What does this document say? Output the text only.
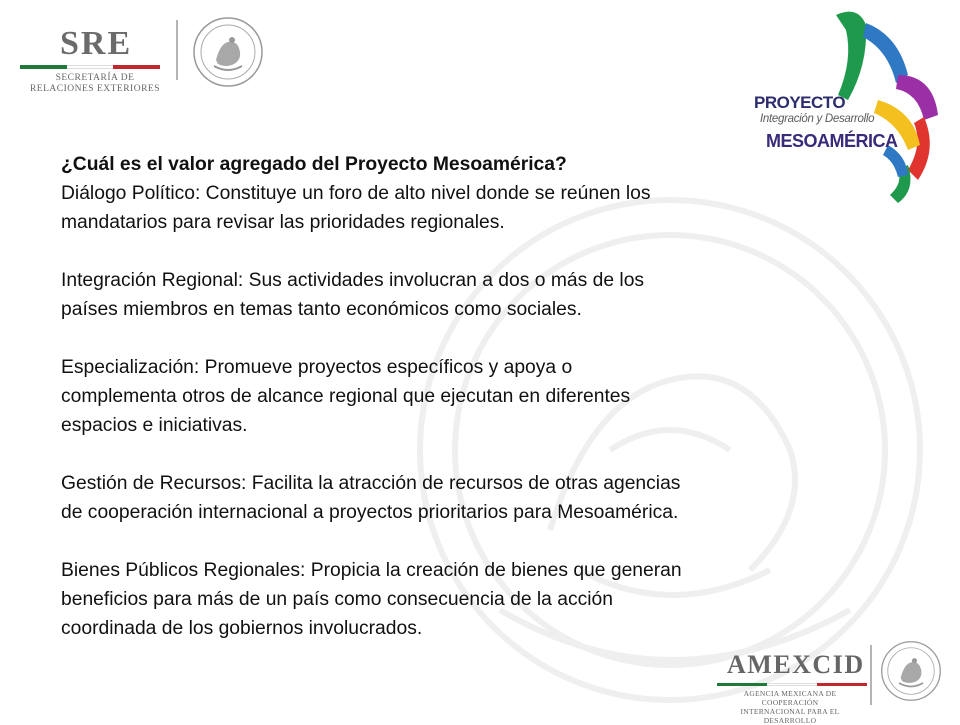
SRE
SECRETARÍA DE
RELACIONES EXTERIORES
PROYECTO
Integración y Desarrollo
MESOAMÉRICA
¿Cuál es el valor agregado del Proyecto Mesoamérica?

Diálogo Político: Constituye un foro de alto nivel donde se reúnen los
mandatarios para revisar las prioridades regionales.

Integración Regional: Sus actividades involucran a dos o más de los
países miembros en temas tanto económicos como sociales.

Especialización: Promueve proyectos específicos y apoya o
complementa otros de alcance regional que ejecutan en diferentes
espacios e iniciativas.

Gestión de Recursos: Facilita la atracción de recursos de otras agencias
de cooperación internacional a proyectos prioritarios para Mesoamérica.

Bienes Públicos Regionales: Propicia la creación de bienes que generan
beneficios para más de un país como consecuencia de la acción
coordinada de los gobiernos involucrados.

AMEXCID
AGENCIA MEXICANA DE COOPERACIÓN
INTERNACIONAL PARA EL DESARROLLO
